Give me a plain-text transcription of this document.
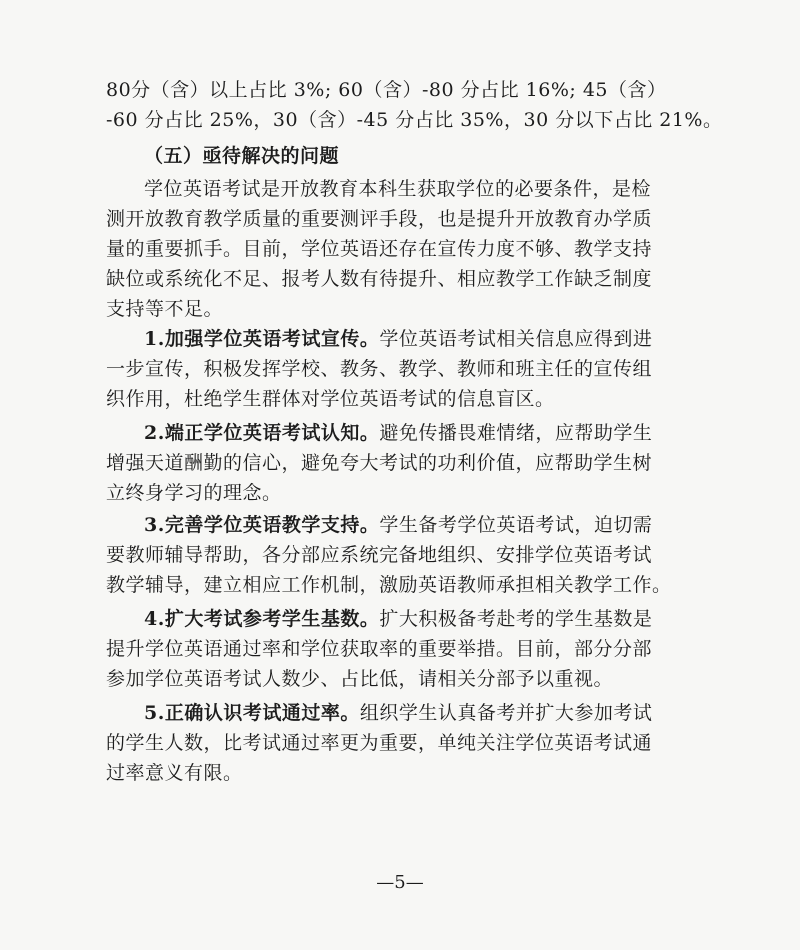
80分（含）以上占比 3%; 60（含）-80 分占比 16%; 45（含）
-60 分占比 25%，30（含）-45 分占比 35%，30 分以下占比 21%。
（五）亟待解决的问题
学位英语考试是开放教育本科生获取学位的必要条件，是检
测开放教育教学质量的重要测评手段，也是提升开放教育办学质
量的重要抓手。目前，学位英语还存在宣传力度不够、教学支持
缺位或系统化不足、报考人数有待提升、相应教学工作缺乏制度
支持等不足。
1.加强学位英语考试宣传。学位英语考试相关信息应得到进
一步宣传，积极发挥学校、教务、教学、教师和班主任的宣传组
织作用，杜绝学生群体对学位英语考试的信息盲区。
2.端正学位英语考试认知。避免传播畏难情绪，应帮助学生
增强天道酬勤的信心，避免夸大考试的功利价值，应帮助学生树
立终身学习的理念。
3.完善学位英语教学支持。学生备考学位英语考试，迫切需
要教师辅导帮助，各分部应系统完备地组织、安排学位英语考试
教学辅导，建立相应工作机制，激励英语教师承担相关教学工作。
4.扩大考试参考学生基数。扩大积极备考赴考的学生基数是
提升学位英语通过率和学位获取率的重要举措。目前，部分分部
参加学位英语考试人数少、占比低，请相关分部予以重视。
5.正确认识考试通过率。组织学生认真备考并扩大参加考试
的学生人数，比考试通过率更为重要，单纯关注学位英语考试通
过率意义有限。
—5—
